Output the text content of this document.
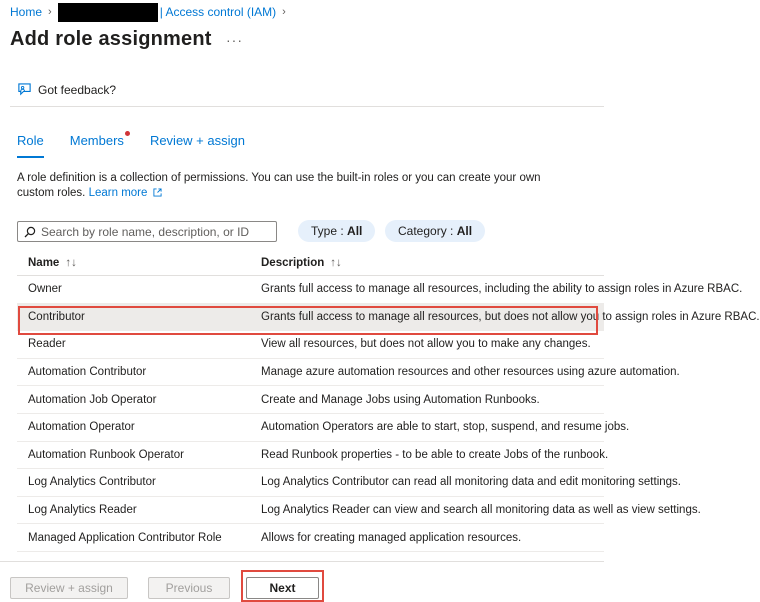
Home ›	| Access control (IAM) ›
Add role assignment ···
Got feedback?
Role Members Review + assign
A role definition is a collection of permissions. You can use the built-in roles or you can create your own custom roles. Learn more
Search by role name, description, or ID
Type : All	Category : All
Name ↑↓	Description ↑↓
Owner	Grants full access to manage all resources, including the ability to assign roles in Azure RBAC.
Contributor	Grants full access to manage all resources, but does not allow you to assign roles in Azure RBAC.
Reader	View all resources, but does not allow you to make any changes.
Automation Contributor	Manage azure automation resources and other resources using azure automation.
Automation Job Operator	Create and Manage Jobs using Automation Runbooks.
Automation Operator	Automation Operators are able to start, stop, suspend, and resume jobs.
Automation Runbook Operator	Read Runbook properties - to be able to create Jobs of the runbook.
Log Analytics Contributor	Log Analytics Contributor can read all monitoring data and edit monitoring settings.
Log Analytics Reader	Log Analytics Reader can view and search all monitoring data as well as view settings.
Managed Application Contributor Role	Allows for creating managed application resources.
Review + assign	Previous	Next
